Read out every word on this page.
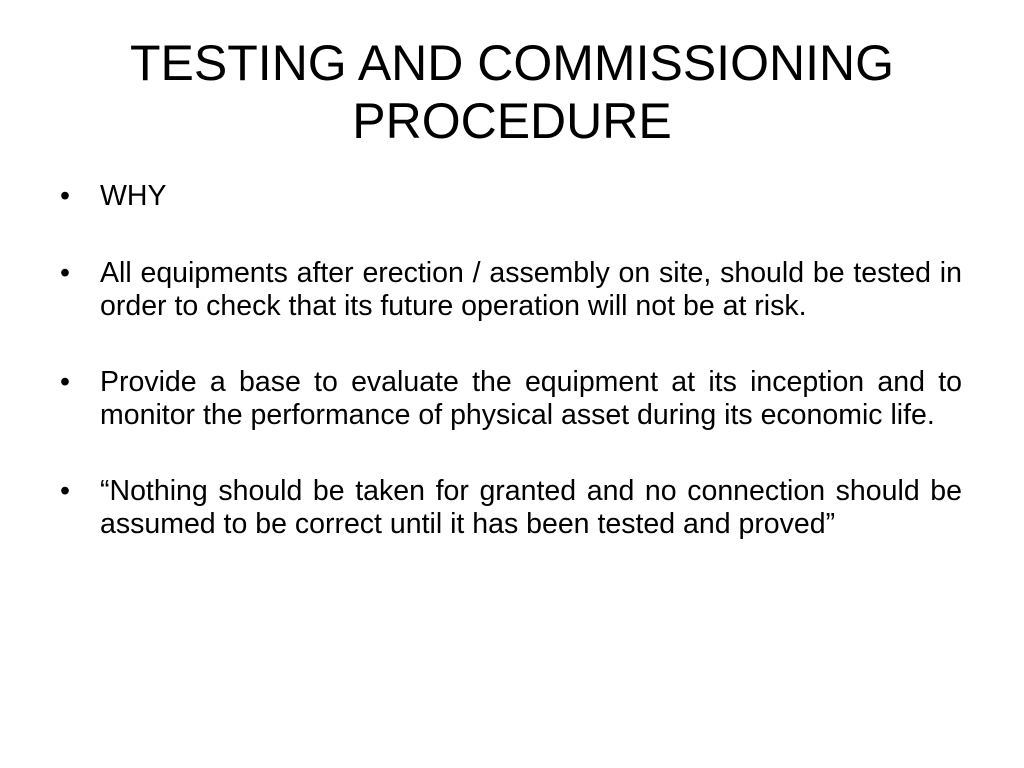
TESTING AND COMMISSIONING
PROCEDURE
•	WHY
•	All equipments after erection / assembly on site, should be tested in order to check that its future operation will not be at risk.
•	Provide a base to evaluate the equipment at its inception and to monitor the performance of physical asset during its economic life.
•	“Nothing should be taken for granted and no connection should be assumed to be correct until it has been tested and proved”
